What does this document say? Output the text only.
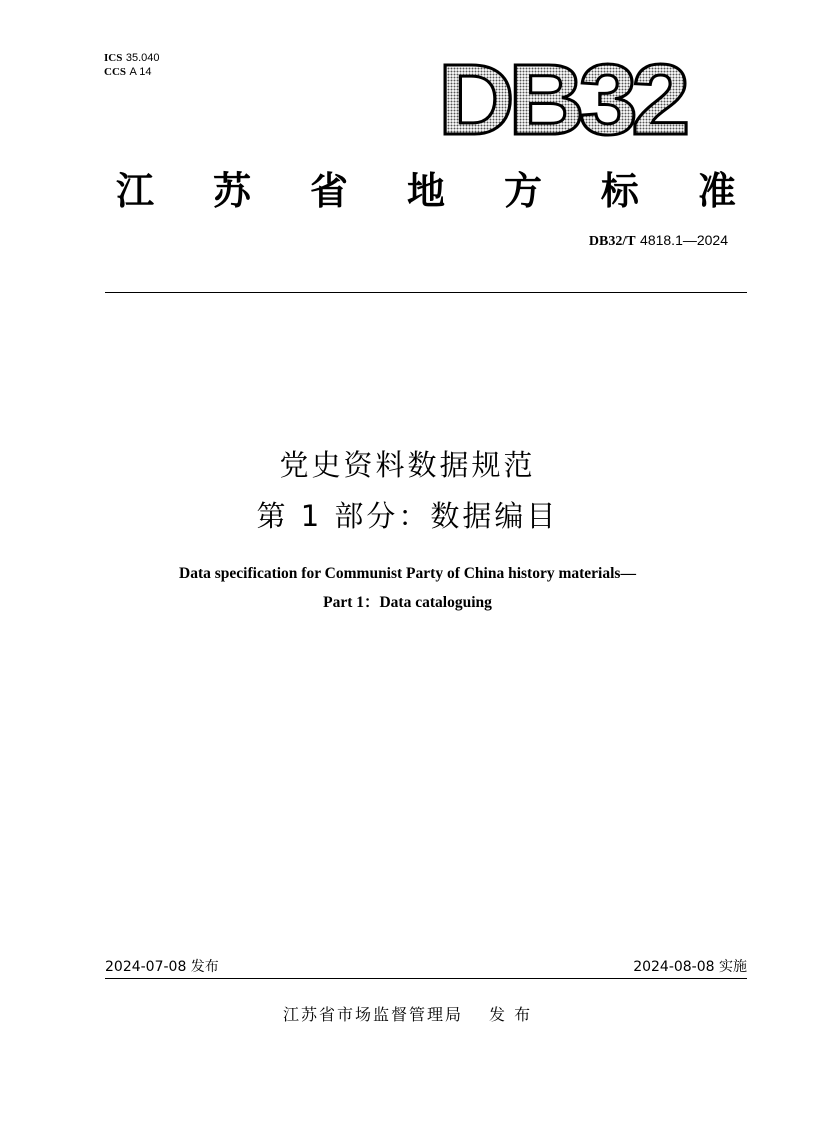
ICS 35.040
CCS A 14	DB32
江 苏 省 地 方 标 准
DB32/T 4818.1—2024
党史资料数据规范
第 1 部分：数据编目
Data specification for Communist Party of China history materials—
Part 1：Data cataloguing
2024-07-08 发布	2024-08-08 实施
江苏省市场监督管理局 发 布
